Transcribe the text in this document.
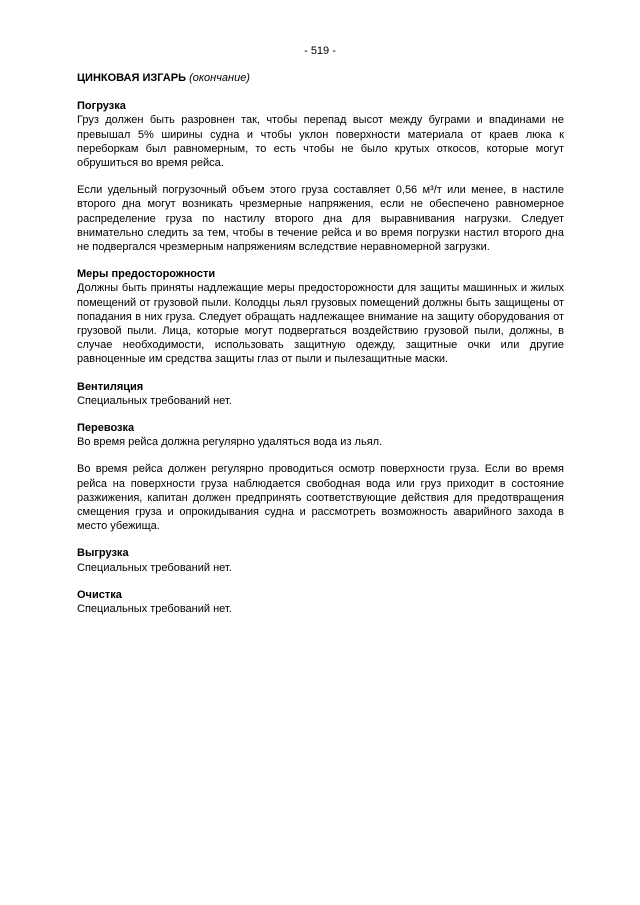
- 519 -
ЦИНКОВАЯ ИЗГАРЬ (окончание)
Погрузка

Груз должен быть разровнен так, чтобы перепад высот между буграми и впадинами не превышал 5% ширины судна и чтобы уклон поверхности материала от краев люка к переборкам был равномерным, то есть чтобы не было крутых откосов, которые могут обрушиться во время рейса.

Если удельный погрузочный объем этого груза составляет 0,56 м³/т или менее, в настиле второго дна могут возникать чрезмерные напряжения, если не обеспечено равномерное распределение груза по настилу второго дна для выравнивания нагрузки. Следует внимательно следить за тем, чтобы в течение рейса и во время погрузки настил второго дна не подвергался чрезмерным напряжениям вследствие неравномерной загрузки.

Меры предосторожности

Должны быть приняты надлежащие меры предосторожности для защиты машинных и жилых помещений от грузовой пыли. Колодцы льял грузовых помещений должны быть защищены от попадания в них груза. Следует обращать надлежащее внимание на защиту оборудования от грузовой пыли. Лица, которые могут подвергаться воздействию грузовой пыли, должны, в случае необходимости, использовать защитную одежду, защитные очки или другие равноценные им средства защиты глаз от пыли и пылезащитные маски.

Вентиляция

Специальных требований нет.

Перевозка

Во время рейса должна регулярно удаляться вода из льял.

Во время рейса должен регулярно проводиться осмотр поверхности груза. Если во время рейса на поверхности груза наблюдается свободная вода или груз приходит в состояние разжижения, капитан должен предпринять соответствующие действия для предотвращения смещения груза и опрокидывания судна и рассмотреть возможность аварийного захода в место убежища.

Выгрузка

Специальных требований нет.

Очистка

Специальных требований нет.
